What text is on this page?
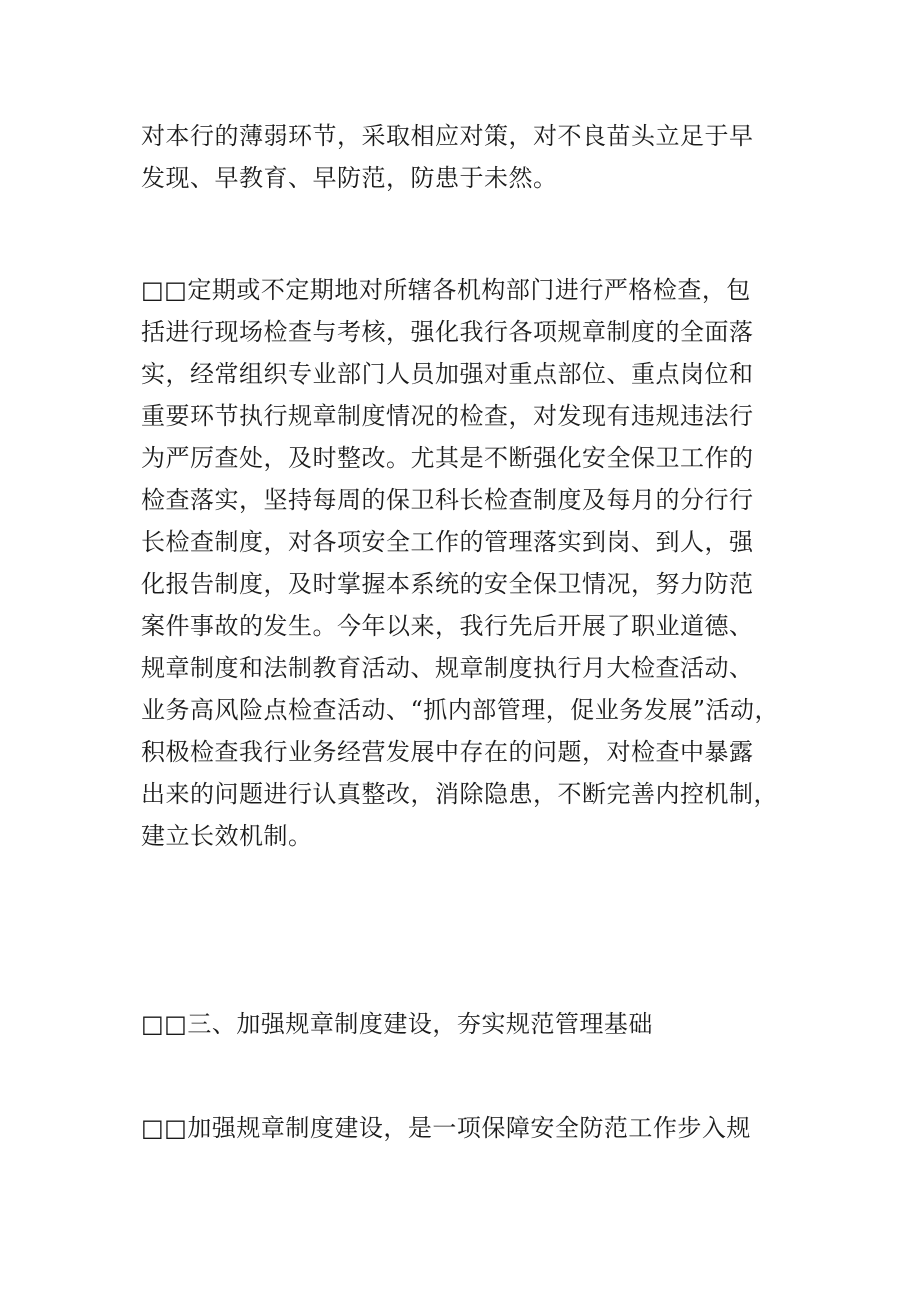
对本行的薄弱环节，采取相应对策，对不良苗头立足于早
发现、早教育、早防范，防患于未然。
□□定期或不定期地对所辖各机构部门进行严格检查，包
括进行现场检查与考核，强化我行各项规章制度的全面落
实，经常组织专业部门人员加强对重点部位、重点岗位和
重要环节执行规章制度情况的检查，对发现有违规违法行
为严厉查处，及时整改。尤其是不断强化安全保卫工作的
检查落实，坚持每周的保卫科长检查制度及每月的分行行
长检查制度，对各项安全工作的管理落实到岗、到人，强
化报告制度，及时掌握本系统的安全保卫情况，努力防范
案件事故的发生。今年以来，我行先后开展了职业道德、
规章制度和法制教育活动、规章制度执行月大检查活动、
业务高风险点检查活动、“抓内部管理，促业务发展”活动，
积极检查我行业务经营发展中存在的问题，对检查中暴露
出来的问题进行认真整改，消除隐患，不断完善内控机制，
建立长效机制。
□□三、加强规章制度建设，夯实规范管理基础
□□加强规章制度建设，是一项保障安全防范工作步入规
